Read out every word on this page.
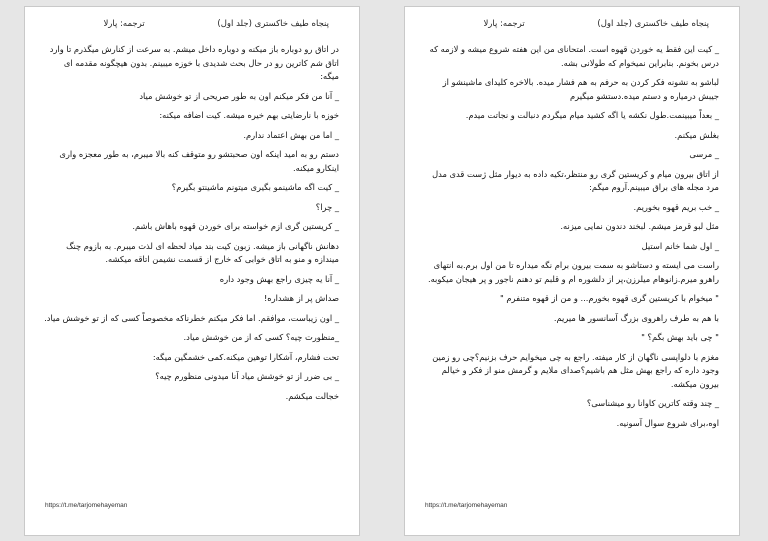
پنجاه طیف خاکستری (جلد اول) ترجمه: پارلا

در اتاق رو دوباره باز میکنه و دوباره داخل میشم. به سرعت از کنارش میگذرم تا وارد اتاق شم کاترین رو در حال بحث شدیدی با خوزه میبینم. بدون هیچگونه مقدمه ای میگه:

_ آنا من فکر میکنم اون به طور صریحی از تو خوشش میاد

خوزه با نارضایتی بهم خیره میشه. کیت اضافه میکنه:

_ اما من بهش اعتماد ندارم.

دستم رو به امید اینکه اون صحبتشو رو متوقف کنه بالا میبرم، به طور معجزه واری اینکارو میکنه.

_ کیت اگه ماشینمو بگیری میتونم ماشینتو بگیرم؟

_ چرا؟

_ کریستین گری ازم خواسته برای خوردن قهوه باهاش باشم.

دهانش ناگهانی باز میشه. زبون کیت بند میاد لحظه ای لذت میبرم. به بازوم چنگ میندازه و منو به اتاق خوابی که خارج از قسمت نشیمن اتاقه میکشه.

_ آنا یه چیزی راجع بهش وجود داره

صداش پر از هشداره!

_ اون زیباست، موافقم. اما فکر میکنم خطرناکه مخصوصاً کسی که از تو خوشش میاد.

_منظورت چیه؟ کسی که از من خوشش میاد.

تحت فشارم، آشکارا توهین میکنه.کمی خشمگین میگه:

_ بی ضرر از تو خوشش میاد آنا میدونی منظورم چیه؟

خجالت میکشم.

https://t.me/tarjomehayeman
پنجاه طیف خاکستری (جلد اول) ترجمه: پارلا

_ کیت این فقط یه خوردن قهوه است. امتحانای من این هفته شروع میشه و لازمه که درس بخونم. بنابراین نمیخوام که طولانی بشه.

لباشو به نشونه فکر کردن به حرفم به هم فشار میده. بالاخره کلیدای ماشینشو از جیبش درمیاره و دستم میده.دستشو میگیرم

_ بعداً میبینمت.طول نکشه یا اگه کشید میام میگردم دنبالت و نجاتت میدم.

بغلش میکنم.

_ مرسی

از اتاق بیرون میام و کریستین گری رو منتظر،تکیه داده به دیوار مثل ژست قدی مدل مرد مجله های براق میبینم.آروم میگم:

_ خب بریم قهوه بخوریم.

مثل لبو قرمز میشم. لبخند دندون نمایی میزنه.

_ اول شما خانم استیل

راست می ایسته و دستاشو به سمت بیرون برام نگه میداره تا من اول برم.به انتهای راهرو میرم.زانوهام میلرزن،پر از دلشوره ام و قلبم تو دهنم ناجور و پر هیجان میکوبه.

" میخوام با کریستین گری قهوه بخورم... و من از قهوه متنفرم "

با هم به طرف راهروی بزرگ آسانسور ها میریم.

" چی باید بهش بگم؟ "

مغزم با دلواپسی ناگهان از کار میفته. راجع به چی میخوایم حرف بزنیم؟چی رو زمین وجود داره که راجع بهش مثل هم باشیم؟صدای ملایم و گرمش منو از فکر و خیالم بیرون میکشه.

_ چند وقته کاترین کاوانا رو میشناسی؟

اوه،برای شروع سوال آسونیه.

https://t.me/tarjomehayeman
